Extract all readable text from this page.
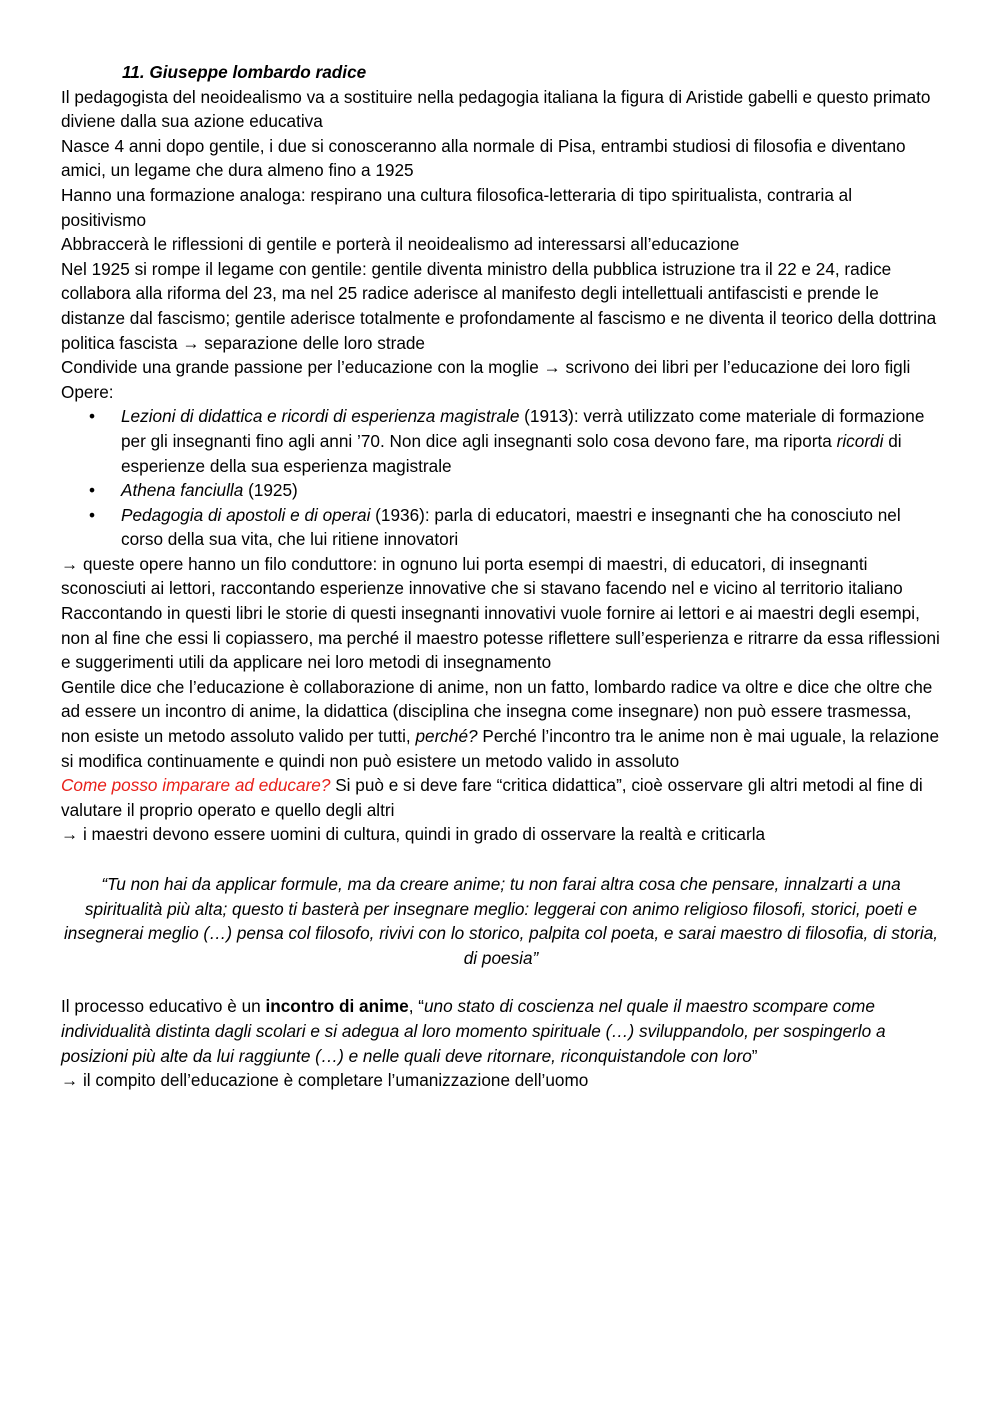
11. Giuseppe lombardo radice

Il pedagogista del neoidealismo va a sostituire nella pedagogia italiana la figura di Aristide gabelli e questo primato diviene dalla sua azione educativa

Nasce 4 anni dopo gentile, i due si conosceranno alla normale di Pisa, entrambi studiosi di filosofia e diventano amici, un legame che dura almeno fino a 1925

Hanno una formazione analoga: respirano una cultura filosofica-letteraria di tipo spiritualista, contraria al positivismo

Abbraccerà le riflessioni di gentile e porterà il neoidealismo ad interessarsi all’educazione

Nel 1925 si rompe il legame con gentile: gentile diventa ministro della pubblica istruzione tra il 22 e 24, radice collabora alla riforma del 23, ma nel 25 radice aderisce al manifesto degli intellettuali antifascisti e prende le distanze dal fascismo; gentile aderisce totalmente e profondamente al fascismo e ne diventa il teorico della dottrina politica fascista → separazione delle loro strade

Condivide una grande passione per l’educazione con la moglie → scrivono dei libri per l’educazione dei loro figli

Opere:

• Lezioni di didattica e ricordi di esperienza magistrale (1913): verrà utilizzato come materiale di formazione per gli insegnanti fino agli anni ’70. Non dice agli insegnanti solo cosa devono fare, ma riporta ricordi di esperienze della sua esperienza magistrale
• Athena fanciulla (1925)
• Pedagogia di apostoli e di operai (1936): parla di educatori, maestri e insegnanti che ha conosciuto nel corso della sua vita, che lui ritiene innovatori

→ queste opere hanno un filo conduttore: in ognuno lui porta esempi di maestri, di educatori, di insegnanti sconosciuti ai lettori, raccontando esperienze innovative che si stavano facendo nel e vicino al territorio italiano

Raccontando in questi libri le storie di questi insegnanti innovativi vuole fornire ai lettori e ai maestri degli esempi, non al fine che essi li copiassero, ma perché il maestro potesse riflettere sull’esperienza e ritrarre da essa riflessioni e suggerimenti utili da applicare nei loro metodi di insegnamento

Gentile dice che l’educazione è collaborazione di anime, non un fatto, lombardo radice va oltre e dice che oltre che ad essere un incontro di anime, la didattica (disciplina che insegna come insegnare) non può essere trasmessa, non esiste un metodo assoluto valido per tutti, perché? Perché l’incontro tra le anime non è mai uguale, la relazione si modifica continuamente e quindi non può esistere un metodo valido in assoluto

Come posso imparare ad educare? Si può e si deve fare “critica didattica”, cioè osservare gli altri metodi al fine di valutare il proprio operato e quello degli altri

→ i maestri devono essere uomini di cultura, quindi in grado di osservare la realtà e criticarla

“Tu non hai da applicar formule, ma da creare anime; tu non farai altra cosa che pensare, innalzarti a una spiritualità più alta; questo ti basterà per insegnare meglio: leggerai con animo religioso filosofi, storici, poeti e insegnerai meglio (…) pensa col filosofo, rivivi con lo storico, palpita col poeta, e sarai maestro di filosofia, di storia, di poesia”

Il processo educativo è un incontro di anime, “uno stato di coscienza nel quale il maestro scompare come individualità distinta dagli scolari e si adegua al loro momento spirituale (…) sviluppandolo, per sospingerlo a posizioni più alte da lui raggiunte (…) e nelle quali deve ritornare, riconquistandole con loro”

→ il compito dell’educazione è completare l’umanizzazione dell’uomo
